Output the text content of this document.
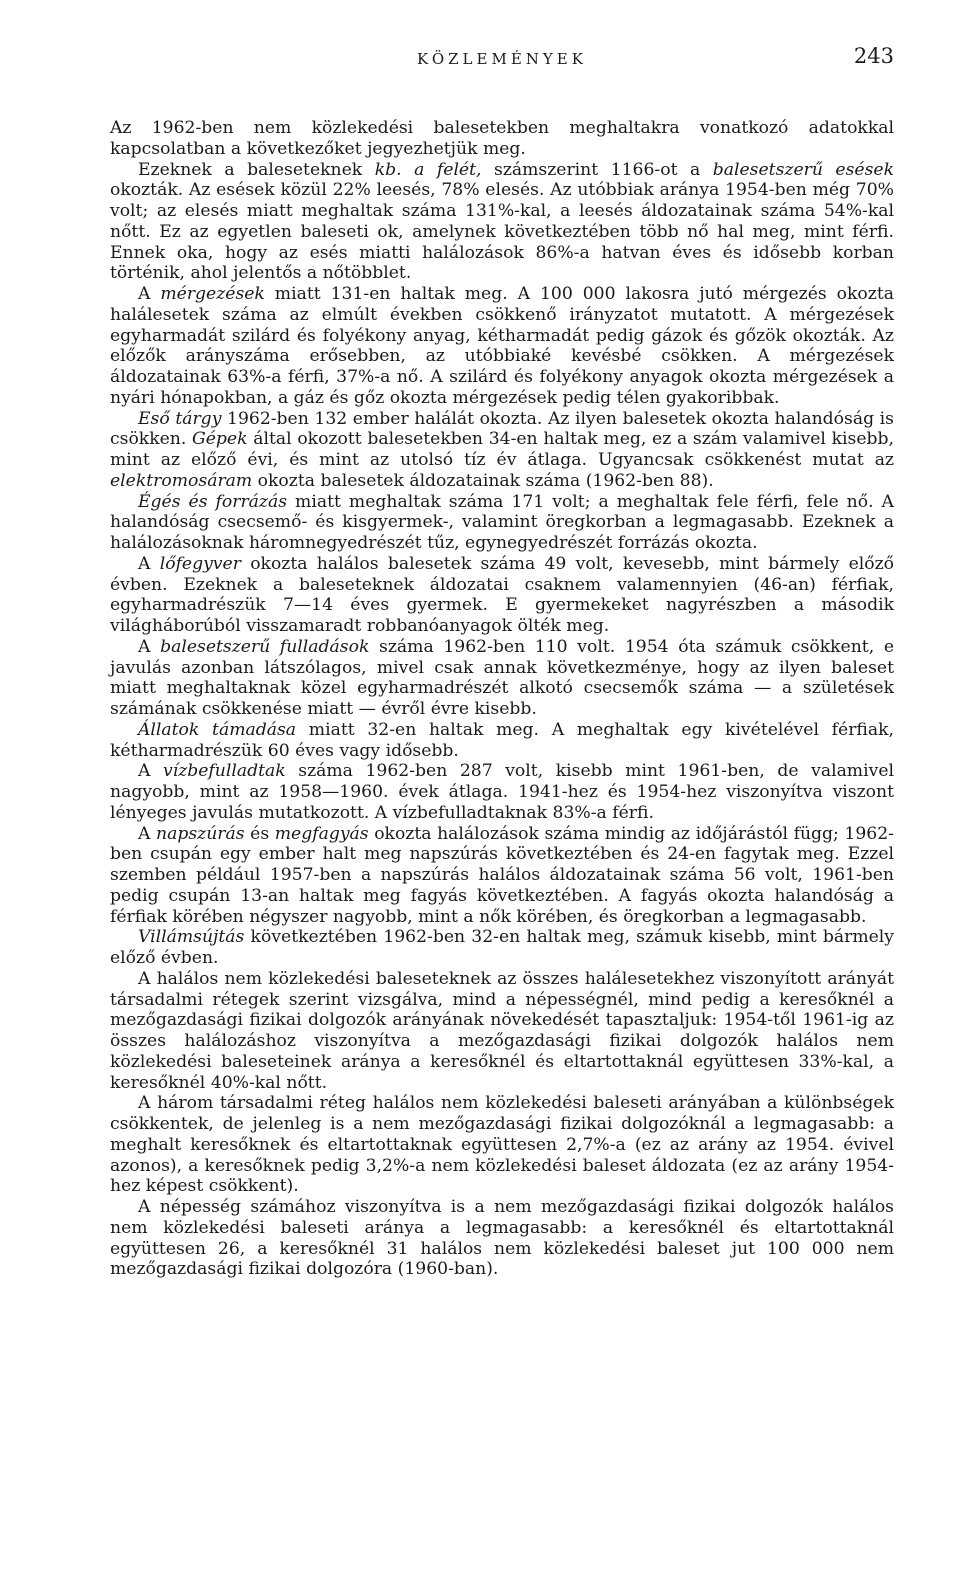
KÖZLEMÉNYEK	243

Az 1962-ben nem közlekedési balesetekben meghaltakra vonatkozó adatokkal kapcsolatban a következőket jegyezhetjük meg.

Ezeknek a baleseteknek kb. a felét, számszerint 1166-ot a balesetszerű esések okozták. Az esések közül 22% leesés, 78% elesés. Az utóbbiak aránya 1954-ben még 70% volt; az elesés miatt meghaltak száma 131%-kal, a leesés áldozatainak száma 54%-kal nőtt. Ez az egyetlen baleseti ok, amelynek következtében több nő hal meg, mint férfi. Ennek oka, hogy az esés miatti halálozások 86%-a hatvan éves és idősebb korban történik, ahol jelentős a nőtöbblet.

A mérgezések miatt 131-en haltak meg. A 100 000 lakosra jutó mérgezés okozta halálesetek száma az elmúlt években csökkenő irányzatot mutatott. A mérgezések egyharmadát szilárd és folyékony anyag, kétharmadát pedig gázok és gőzök okozták. Az előzők arányszáma erősebben, az utóbbiaké kevésbé csökken. A mérgezések áldozatainak 63%-a férfi, 37%-a nő. A szilárd és folyékony anyagok okozta mérgezések a nyári hónapokban, a gáz és gőz okozta mérgezések pedig télen gyakoribbak.

Eső tárgy 1962-ben 132 ember halálát okozta. Az ilyen balesetek okozta halandóság is csökken. Gépek által okozott balesetekben 34-en haltak meg, ez a szám valamivel kisebb, mint az előző évi, és mint az utolsó tíz év átlaga. Ugyancsak csökkenést mutat az elektromosáram okozta balesetek áldozatainak száma (1962-ben 88).

Égés és forrázás miatt meghaltak száma 171 volt; a meghaltak fele férfi, fele nő. A halandóság csecsemő- és kisgyermek-, valamint öregkorban a legmagasabb. Ezeknek a halálozásoknak háromnegyedrészét tűz, egynegyedrészét forrázás okozta.

A lőfegyver okozta halálos balesetek száma 49 volt, kevesebb, mint bármely előző évben. Ezeknek a baleseteknek áldozatai csaknem valamennyien (46-an) férfiak, egyharmadrészük 7—14 éves gyermek. E gyermekeket nagyrészben a második világháborúból visszamaradt robbanóanyagok ölték meg.

A balesetszerű fulladások száma 1962-ben 110 volt. 1954 óta számuk csökkent, e javulás azonban látszólagos, mivel csak annak következménye, hogy az ilyen baleset miatt meghaltaknak közel egyharmadrészét alkotó csecsemők száma — a születések számának csökkenése miatt — évről évre kisebb.

Állatok támadása miatt 32-en haltak meg. A meghaltak egy kivételével férfiak, kétharmadrészük 60 éves vagy idősebb.

A vízbefulladtak száma 1962-ben 287 volt, kisebb mint 1961-ben, de valamivel nagyobb, mint az 1958—1960. évek átlaga. 1941-hez és 1954-hez viszonyítva viszont lényeges javulás mutatkozott. A vízbefulladtaknak 83%-a férfi.

A napszúrás és megfagyás okozta halálozások száma mindig az időjárástól függ; 1962-ben csupán egy ember halt meg napszúrás következtében és 24-en fagytak meg. Ezzel szemben például 1957-ben a napszúrás halálos áldozatainak száma 56 volt, 1961-ben pedig csupán 13-an haltak meg fagyás következtében. A fagyás okozta halandóság a férfiak körében négyszer nagyobb, mint a nők körében, és öregkorban a legmagasabb.

Villámsújtás következtében 1962-ben 32-en haltak meg, számuk kisebb, mint bármely előző évben.

A halálos nem közlekedési baleseteknek az összes halálesetekhez viszonyított arányát társadalmi rétegek szerint vizsgálva, mind a népességnél, mind pedig a keresőknél a mezőgazdasági fizikai dolgozók arányának növekedését tapasztaljuk: 1954-től 1961-ig az összes halálozáshoz viszonyítva a mezőgazdasági fizikai dolgozók halálos nem közlekedési baleseteinek aránya a keresőknél és eltartottaknál együttesen 33%-kal, a keresőknél 40%-kal nőtt.

A három társadalmi réteg halálos nem közlekedési baleseti arányában a különbségek csökkentek, de jelenleg is a nem mezőgazdasági fizikai dolgozóknál a legmagasabb: a meghalt keresőknek és eltartottaknak együttesen 2,7%-a (ez az arány az 1954. évivel azonos), a keresőknek pedig 3,2%-a nem közlekedési baleset áldozata (ez az arány 1954-hez képest csökkent).

A népesség számához viszonyítva is a nem mezőgazdasági fizikai dolgozók halálos nem közlekedési baleseti aránya a legmagasabb: a keresőknél és eltartottaknál együttesen 26, a keresőknél 31 halálos nem közlekedési baleset jut 100 000 nem mezőgazdasági fizikai dolgozóra (1960-ban).
